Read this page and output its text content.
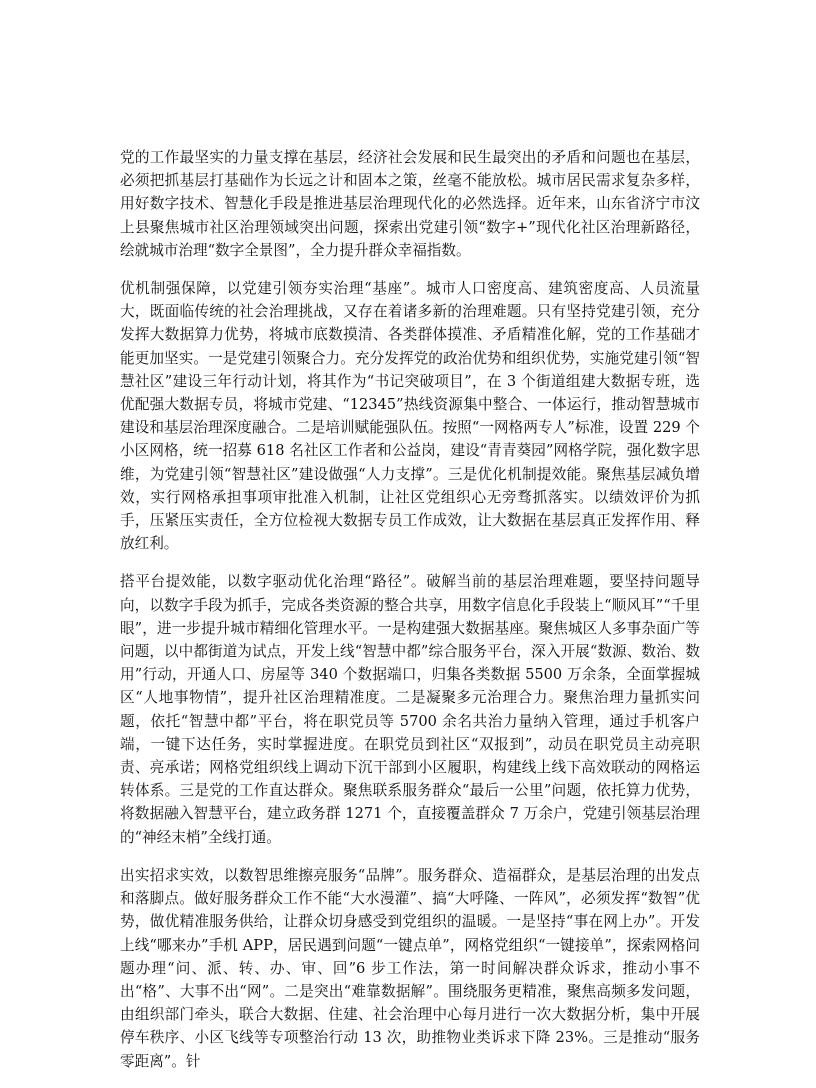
党的工作最坚实的力量支撑在基层，经济社会发展和民生最突出的矛盾和问题也在基层，必须把抓基层打基础作为长远之计和固本之策，丝毫不能放松。城市居民需求复杂多样，用好数字技术、智慧化手段是推进基层治理现代化的必然选择。近年来，山东省济宁市汶上县聚焦城市社区治理领域突出问题，探索出党建引领“数字+”现代化社区治理新路径，绘就城市治理“数字全景图”，全力提升群众幸福指数。

优机制强保障，以党建引领夯实治理“基座”。城市人口密度高、建筑密度高、人员流量大，既面临传统的社会治理挑战，又存在着诸多新的治理难题。只有坚持党建引领，充分发挥大数据算力优势，将城市底数摸清、各类群体摸准、矛盾精准化解，党的工作基础才能更加坚实。一是党建引领聚合力。充分发挥党的政治优势和组织优势，实施党建引领“智慧社区”建设三年行动计划，将其作为“书记突破项目”，在 3 个街道组建大数据专班，选优配强大数据专员，将城市党建、“12345”热线资源集中整合、一体运行，推动智慧城市建设和基层治理深度融合。二是培训赋能强队伍。按照“一网格两专人”标准，设置 229 个小区网格，统一招募 618 名社区工作者和公益岗，建设“青青葵园”网格学院，强化数字思维，为党建引领“智慧社区”建设做强“人力支撑”。三是优化机制提效能。聚焦基层减负增效，实行网格承担事项审批准入机制，让社区党组织心无旁骛抓落实。以绩效评价为抓手，压紧压实责任，全方位检视大数据专员工作成效，让大数据在基层真正发挥作用、释放红利。

搭平台提效能，以数字驱动优化治理“路径”。破解当前的基层治理难题，要坚持问题导向，以数字手段为抓手，完成各类资源的整合共享，用数字信息化手段装上“顺风耳”“千里眼”，进一步提升城市精细化管理水平。一是构建强大数据基座。聚焦城区人多事杂面广等问题，以中都街道为试点，开发上线“智慧中都”综合服务平台，深入开展“数源、数治、数用”行动，开通人口、房屋等 340 个数据端口，归集各类数据 5500 万余条，全面掌握城区“人地事物情”，提升社区治理精准度。二是凝聚多元治理合力。聚焦治理力量抓实问题，依托“智慧中都”平台，将在职党员等 5700 余名共治力量纳入管理，通过手机客户端，一键下达任务，实时掌握进度。在职党员到社区“双报到”，动员在职党员主动亮职责、亮承诺；网格党组织线上调动下沉干部到小区履职，构建线上线下高效联动的网格运转体系。三是党的工作直达群众。聚焦联系服务群众“最后一公里”问题，依托算力优势，将数据融入智慧平台，建立政务群 1271 个，直接覆盖群众 7 万余户，党建引领基层治理的“神经末梢”全线打通。

出实招求实效，以数智思维擦亮服务“品牌”。服务群众、造福群众，是基层治理的出发点和落脚点。做好服务群众工作不能“大水漫灌”、搞“大呼隆、一阵风”，必须发挥“数智”优势，做优精准服务供给，让群众切身感受到党组织的温暖。一是坚持“事在网上办”。开发上线“哪来办”手机 APP，居民遇到问题“一键点单”，网格党组织“一键接单”，探索网格问题办理“问、派、转、办、审、回”6 步工作法，第一时间解决群众诉求，推动小事不出“格”、大事不出“网”。二是突出“难靠数据解”。围绕服务更精准，聚焦高频多发问题，由组织部门牵头，联合大数据、住建、社会治理中心每月进行一次大数据分析，集中开展停车秩序、小区飞线等专项整治行动 13 次，助推物业类诉求下降 23%。三是推动“服务零距离”。针
